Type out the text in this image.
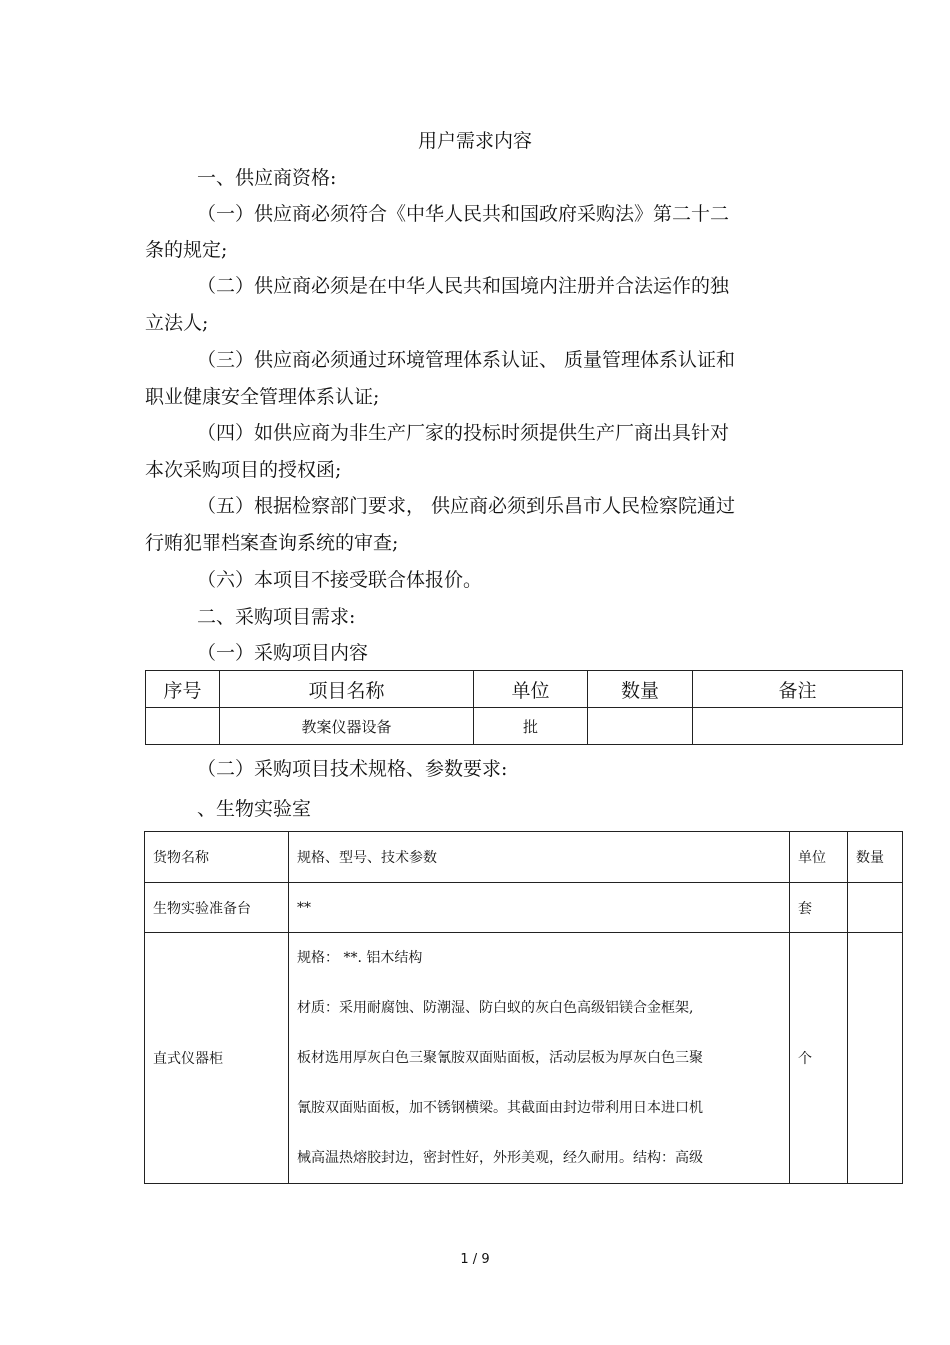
用户需求内容
一、供应商资格:
（一）供应商必须符合《中华人民共和国政府采购法》第二十二
条的规定;
（二）供应商必须是在中华人民共和国境内注册并合法运作的独
立法人;
（三）供应商必须通过环境管理体系认证、 质量管理体系认证和
职业健康安全管理体系认证;
（四）如供应商为非生产厂家的投标时须提供生产厂商出具针对
本次采购项目的授权函;
（五）根据检察部门要求， 供应商必须到乐昌市人民检察院通过
行贿犯罪档案查询系统的审查;
（六）本项目不接受联合体报价。
二、采购项目需求:
（一）采购项目内容
序号	项目名称	单位	数量	备注
	教案仪器设备	批		
（二）采购项目技术规格、参数要求:
、生物实验室
货物名称	规格、型号、技术参数	单位	数量
生物实验准备台	**	套	
直式仪器柜	规格： **. 铝木结构

材质：采用耐腐蚀、防潮湿、防白蚁的灰白色高级铝镁合金框架,

板材选用厚灰白色三聚氰胺双面贴面板，活动层板为厚灰白色三聚

氰胺双面贴面板，加不锈钢横梁。其截面由封边带利用日本进口机

械高温热熔胶封边，密封性好，外形美观，经久耐用。结构：高级	个	
1 / 9
